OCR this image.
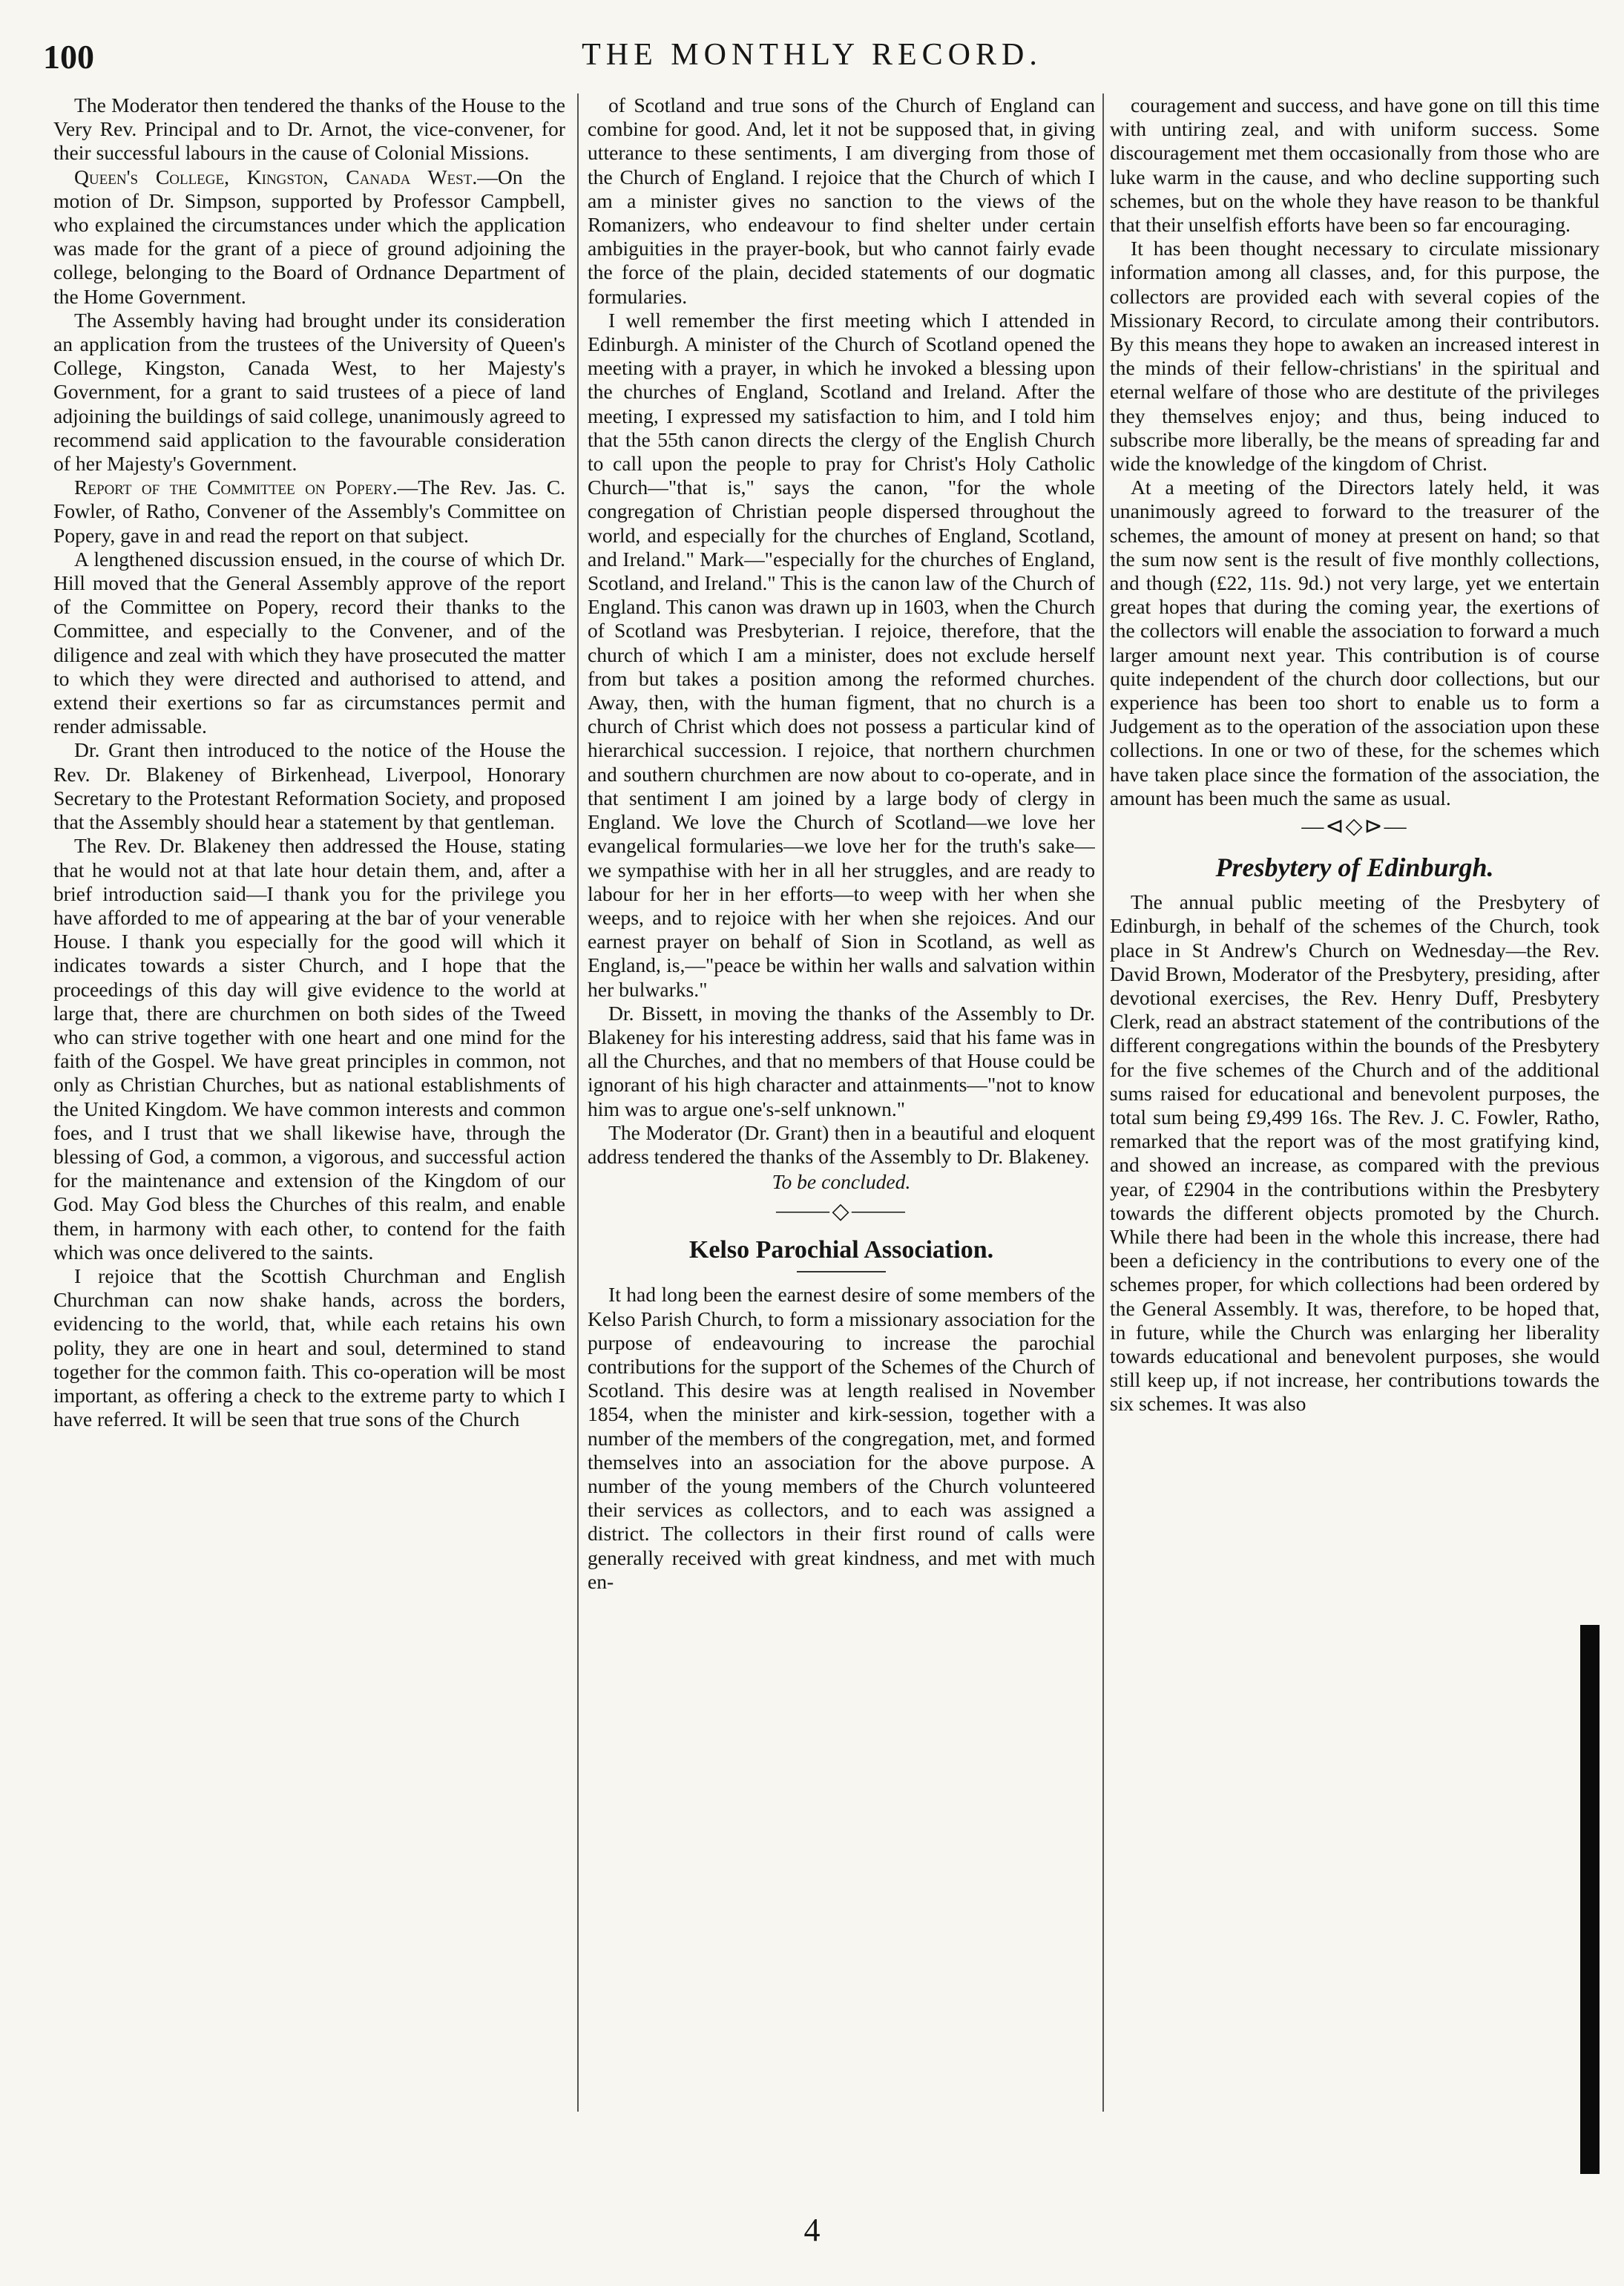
100	THE MONTHLY RECORD.

The Moderator then tendered the thanks of the House to the Very Rev. Principal and to Dr. Arnot, the vice-convener, for their successful labours in the cause of Colonial Missions.

Queen's College, Kingston, Canada West.—On the motion of Dr. Simpson, supported by Professor Campbell, who explained the circumstances under which the application was made for the grant of a piece of ground adjoining the college, belonging to the Board of Ordnance Department of the Home Government.

The Assembly having had brought under its consideration an application from the trustees of the University of Queen's College, Kingston, Canada West, to her Majesty's Government, for a grant to said trustees of a piece of land adjoining the buildings of said college, unanimously agreed to recommend said application to the favourable consideration of her Majesty's Government.

Report of the Committee on Popery.—The Rev. Jas. C. Fowler, of Ratho, Convener of the Assembly's Committee on Popery, gave in and read the report on that subject.

A lengthened discussion ensued, in the course of which Dr. Hill moved that the General Assembly approve of the report of the Committee on Popery, record their thanks to the Committee, and especially to the Convener, and of the diligence and zeal with which they have prosecuted the matter to which they were directed and authorised to attend, and extend their exertions so far as circumstances permit and render admissable.

Dr. Grant then introduced to the notice of the House the Rev. Dr. Blakeney of Birkenhead, Liverpool, Honorary Secretary to the Protestant Reformation Society, and proposed that the Assembly should hear a statement by that gentleman.

The Rev. Dr. Blakeney then addressed the House, stating that he would not at that late hour detain them, and, after a brief introduction said—I thank you for the privilege you have afforded to me of appearing at the bar of your venerable House. I thank you especially for the good will which it indicates towards a sister Church, and I hope that the proceedings of this day will give evidence to the world at large that, there are churchmen on both sides of the Tweed who can strive together with one heart and one mind for the faith of the Gospel. We have great principles in common, not only as Christian Churches, but as national establishments of the United Kingdom. We have common interests and common foes, and I trust that we shall likewise have, through the blessing of God, a common, a vigorous, and successful action for the maintenance and extension of the Kingdom of our God. May God bless the Churches of this realm, and enable them, in harmony with each other, to contend for the faith which was once delivered to the saints.

I rejoice that the Scottish Churchman and English Churchman can now shake hands, across the borders, evidencing to the world, that, while each retains his own polity, they are one in heart and soul, determined to stand together for the common faith. This co-operation will be most important, as offering a check to the extreme party to which I have referred. It will be seen that true sons of the Church

of Scotland and true sons of the Church of England can combine for good. And, let it not be supposed that, in giving utterance to these sentiments, I am diverging from those of the Church of England. I rejoice that the Church of which I am a minister gives no sanction to the views of the Romanizers, who endeavour to find shelter under certain ambiguities in the prayer-book, but who cannot fairly evade the force of the plain, decided statements of our dogmatic formularies.

I well remember the first meeting which I attended in Edinburgh. A minister of the Church of Scotland opened the meeting with a prayer, in which he invoked a blessing upon the churches of England, Scotland and Ireland. After the meeting, I expressed my satisfaction to him, and I told him that the 55th canon directs the clergy of the English Church to call upon the people to pray for Christ's Holy Catholic Church—"that is," says the canon, "for the whole congregation of Christian people dispersed throughout the world, and especially for the churches of England, Scotland, and Ireland." Mark—"especially for the churches of England, Scotland, and Ireland." This is the canon law of the Church of England. This canon was drawn up in 1603, when the Church of Scotland was Presbyterian. I rejoice, therefore, that the church of which I am a minister, does not exclude herself from but takes a position among the reformed churches. Away, then, with the human figment, that no church is a church of Christ which does not possess a particular kind of hierarchical succession. I rejoice, that northern churchmen and southern churchmen are now about to co-operate, and in that sentiment I am joined by a large body of clergy in England. We love the Church of Scotland—we love her evangelical formularies—we love her for the truth's sake—we sympathise with her in all her struggles, and are ready to labour for her in her efforts—to weep with her when she weeps, and to rejoice with her when she rejoices. And our earnest prayer on behalf of Sion in Scotland, as well as England, is,—"peace be within her walls and salvation within her bulwarks."

Dr. Bissett, in moving the thanks of the Assembly to Dr. Blakeney for his interesting address, said that his fame was in all the Churches, and that no members of that House could be ignorant of his high character and attainments—"not to know him was to argue one's-self unknown."

The Moderator (Dr. Grant) then in a beautiful and eloquent address tendered the thanks of the Assembly to Dr. Blakeney.

To be concluded.
⸻◇⸻
Kelso Parochial Association.

It had long been the earnest desire of some members of the Kelso Parish Church, to form a missionary association for the purpose of endeavouring to increase the parochial contributions for the support of the Schemes of the Church of Scotland. This desire was at length realised in November 1854, when the minister and kirk-session, together with a number of the members of the congregation, met, and formed themselves into an association for the above purpose. A number of the young members of the Church volunteered their services as collectors, and to each was assigned a district. The collectors in their first round of calls were generally received with great kindness, and met with much en-

couragement and success, and have gone on till this time with untiring zeal, and with uniform success. Some discouragement met them occasionally from those who are luke warm in the cause, and who decline supporting such schemes, but on the whole they have reason to be thankful that their unselfish efforts have been so far encouraging.

It has been thought necessary to circulate missionary information among all classes, and, for this purpose, the collectors are provided each with several copies of the Missionary Record, to circulate among their contributors. By this means they hope to awaken an increased interest in the minds of their fellow-christians' in the spiritual and eternal welfare of those who are destitute of the privileges they themselves enjoy; and thus, being induced to subscribe more liberally, be the means of spreading far and wide the knowledge of the kingdom of Christ.

At a meeting of the Directors lately held, it was unanimously agreed to forward to the treasurer of the schemes, the amount of money at present on hand; so that the sum now sent is the result of five monthly collections, and though (£22, 11s. 9d.) not very large, yet we entertain great hopes that during the coming year, the exertions of the collectors will enable the association to forward a much larger amount next year. This contribution is of course quite independent of the church door collections, but our experience has been too short to enable us to form a Judgement as to the operation of the association upon these collections. In one or two of these, for the schemes which have taken place since the formation of the association, the amount has been much the same as usual.

—⊲◇⊳—
Presbytery of Edinburgh.

The annual public meeting of the Presbytery of Edinburgh, in behalf of the schemes of the Church, took place in St Andrew's Church on Wednesday—the Rev. David Brown, Moderator of the Presbytery, presiding, after devotional exercises, the Rev. Henry Duff, Presbytery Clerk, read an abstract statement of the contributions of the different congregations within the bounds of the Presbytery for the five schemes of the Church and of the additional sums raised for educational and benevolent purposes, the total sum being £9,499 16s. The Rev. J. C. Fowler, Ratho, remarked that the report was of the most gratifying kind, and showed an increase, as compared with the previous year, of £2904 in the contributions within the Presbytery towards the different objects promoted by the Church. While there had been in the whole this increase, there had been a deficiency in the contributions to every one of the schemes proper, for which collections had been ordered by the General Assembly. It was, therefore, to be hoped that, in future, while the Church was enlarging her liberality towards educational and benevolent purposes, she would still keep up, if not increase, her contributions towards the six schemes. It was also

4
